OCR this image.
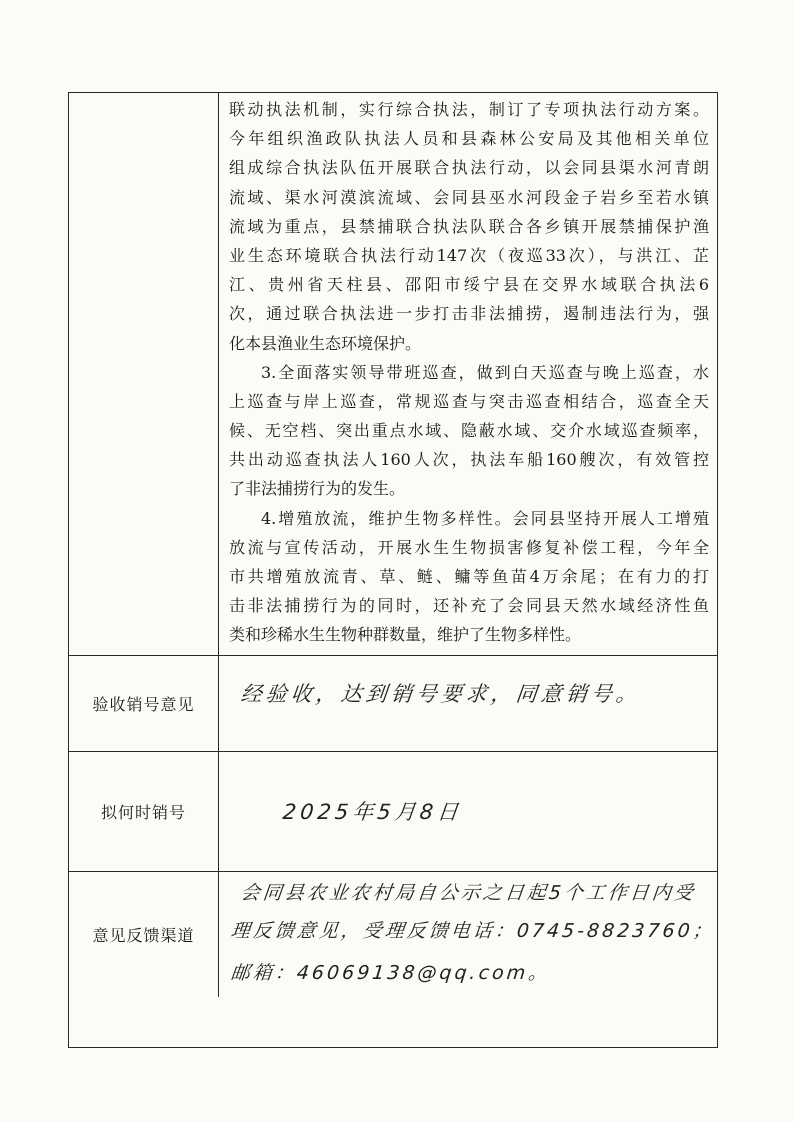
联动执法机制，实行综合执法，制订了专项执法行动方案。
今年组织渔政队执法人员和县森林公安局及其他相关单位
组成综合执法队伍开展联合执法行动，以会同县渠水河青朗
流域、渠水河漠滨流域、会同县巫水河段金子岩乡至若水镇
流域为重点，县禁捕联合执法队联合各乡镇开展禁捕保护渔
业生态环境联合执法行动147次（夜巡33次），与洪江、芷
江、贵州省天柱县、邵阳市绥宁县在交界水域联合执法6
次，通过联合执法进一步打击非法捕捞，遏制违法行为，强
化本县渔业生态环境保护。
3.全面落实领导带班巡查，做到白天巡查与晚上巡查，水
上巡查与岸上巡查，常规巡查与突击巡查相结合，巡查全天
候、无空档、突出重点水域、隐蔽水域、交介水域巡查频率，
共出动巡查执法人160人次，执法车船160艘次，有效管控
了非法捕捞行为的发生。
4.增殖放流，维护生物多样性。会同县坚持开展人工增殖
放流与宣传活动，开展水生生物损害修复补偿工程，今年全
市共增殖放流青、草、鲢、鳙等鱼苗4万余尾；在有力的打
击非法捕捞行为的同时，还补充了会同县天然水域经济性鱼
类和珍稀水生生物种群数量，维护了生物多样性。
验收销号意见	经验收，达到销号要求，同意销号。
拟何时销号	2025年5月8日
意见反馈渠道
会同县农业农村局自公示之日起5个工作日内受
理反馈意见，受理反馈电话：0745-8823760；
邮箱：46069138@qq.com。
